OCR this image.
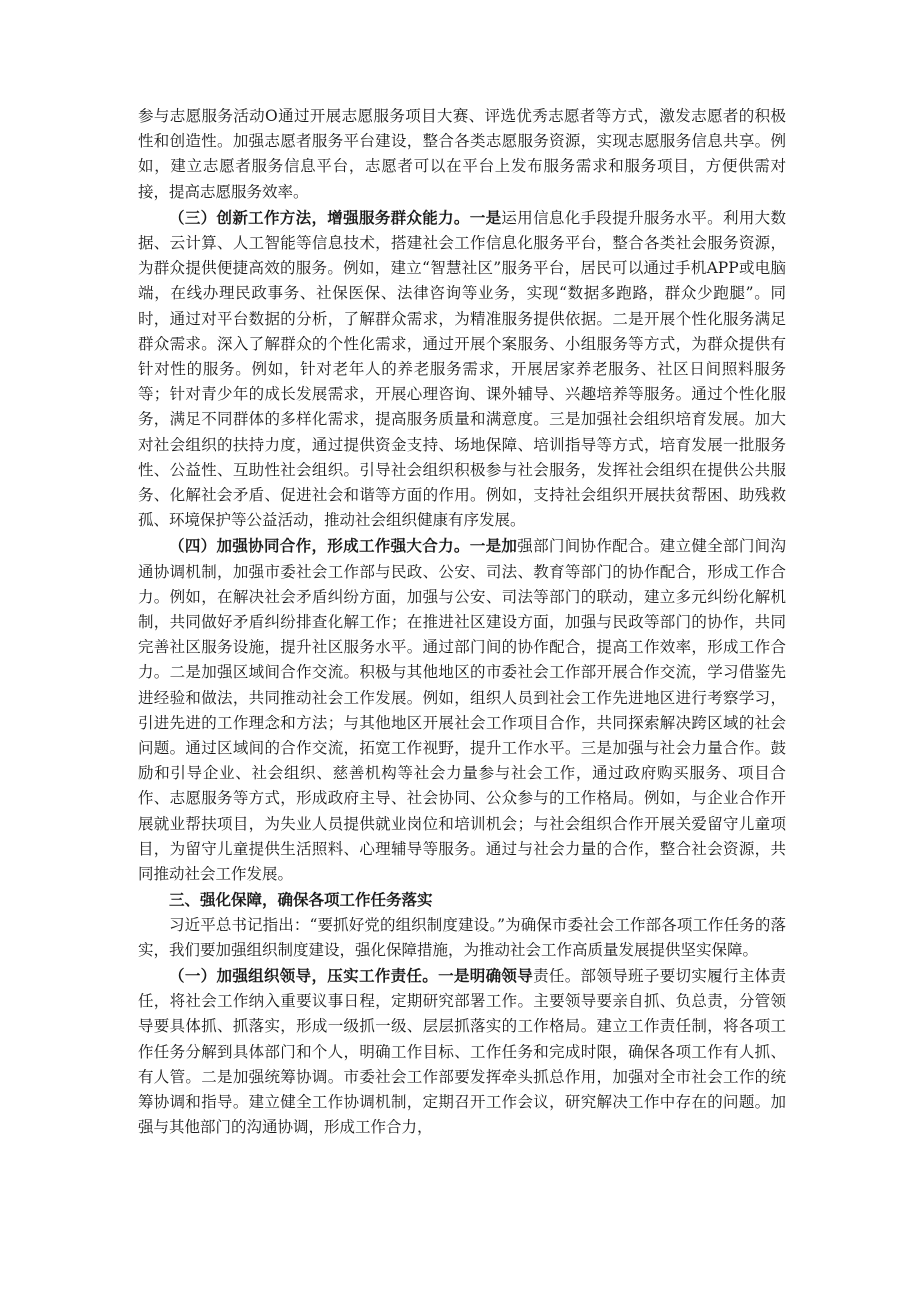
参与志愿服务活动O通过开展志愿服务项目大赛、评选优秀志愿者等方式，激发志愿者的积极性和创造性。加强志愿者服务平台建设，整合各类志愿服务资源，实现志愿服务信息共享。例如，建立志愿者服务信息平台，志愿者可以在平台上发布服务需求和服务项目，方便供需对接，提高志愿服务效率。

（三）创新工作方法，增强服务群众能力。一是运用信息化手段提升服务水平。利用大数据、云计算、人工智能等信息技术，搭建社会工作信息化服务平台，整合各类社会服务资源，为群众提供便捷高效的服务。例如，建立“智慧社区”服务平台，居民可以通过手机APP或电脑端，在线办理民政事务、社保医保、法律咨询等业务，实现“数据多跑路，群众少跑腿”。同时，通过对平台数据的分析，了解群众需求，为精准服务提供依据。二是开展个性化服务满足群众需求。深入了解群众的个性化需求，通过开展个案服务、小组服务等方式，为群众提供有针对性的服务。例如，针对老年人的养老服务需求，开展居家养老服务、社区日间照料服务等；针对青少年的成长发展需求，开展心理咨询、课外辅导、兴趣培养等服务。通过个性化服务，满足不同群体的多样化需求，提高服务质量和满意度。三是加强社会组织培育发展。加大对社会组织的扶持力度，通过提供资金支持、场地保障、培训指导等方式，培育发展一批服务性、公益性、互助性社会组织。引导社会组织积极参与社会服务，发挥社会组织在提供公共服务、化解社会矛盾、促进社会和谐等方面的作用。例如，支持社会组织开展扶贫帮困、助残救孤、环境保护等公益活动，推动社会组织健康有序发展。

（四）加强协同合作，形成工作强大合力。一是加强部门间协作配合。建立健全部门间沟通协调机制，加强市委社会工作部与民政、公安、司法、教育等部门的协作配合，形成工作合力。例如，在解决社会矛盾纠纷方面，加强与公安、司法等部门的联动，建立多元纠纷化解机制，共同做好矛盾纠纷排查化解工作；在推进社区建设方面，加强与民政等部门的协作，共同完善社区服务设施，提升社区服务水平。通过部门间的协作配合，提高工作效率，形成工作合力。二是加强区域间合作交流。积极与其他地区的市委社会工作部开展合作交流，学习借鉴先进经验和做法，共同推动社会工作发展。例如，组织人员到社会工作先进地区进行考察学习，引进先进的工作理念和方法；与其他地区开展社会工作项目合作，共同探索解决跨区域的社会问题。通过区域间的合作交流，拓宽工作视野，提升工作水平。三是加强与社会力量合作。鼓励和引导企业、社会组织、慈善机构等社会力量参与社会工作，通过政府购买服务、项目合作、志愿服务等方式，形成政府主导、社会协同、公众参与的工作格局。例如，与企业合作开展就业帮扶项目，为失业人员提供就业岗位和培训机会；与社会组织合作开展关爱留守儿童项目，为留守儿童提供生活照料、心理辅导等服务。通过与社会力量的合作，整合社会资源，共同推动社会工作发展。

三、强化保障，确保各项工作任务落实

习近平总书记指出：“要抓好党的组织制度建设。”为确保市委社会工作部各项工作任务的落实，我们要加强组织制度建设，强化保障措施，为推动社会工作高质量发展提供坚实保障。

（一）加强组织领导，压实工作责任。一是明确领导责任。部领导班子要切实履行主体责任，将社会工作纳入重要议事日程，定期研究部署工作。主要领导要亲自抓、负总责，分管领导要具体抓、抓落实，形成一级抓一级、层层抓落实的工作格局。建立工作责任制，将各项工作任务分解到具体部门和个人，明确工作目标、工作任务和完成时限，确保各项工作有人抓、有人管。二是加强统筹协调。市委社会工作部要发挥牵头抓总作用，加强对全市社会工作的统筹协调和指导。建立健全工作协调机制，定期召开工作会议，研究解决工作中存在的问题。加强与其他部门的沟通协调，形成工作合力，
